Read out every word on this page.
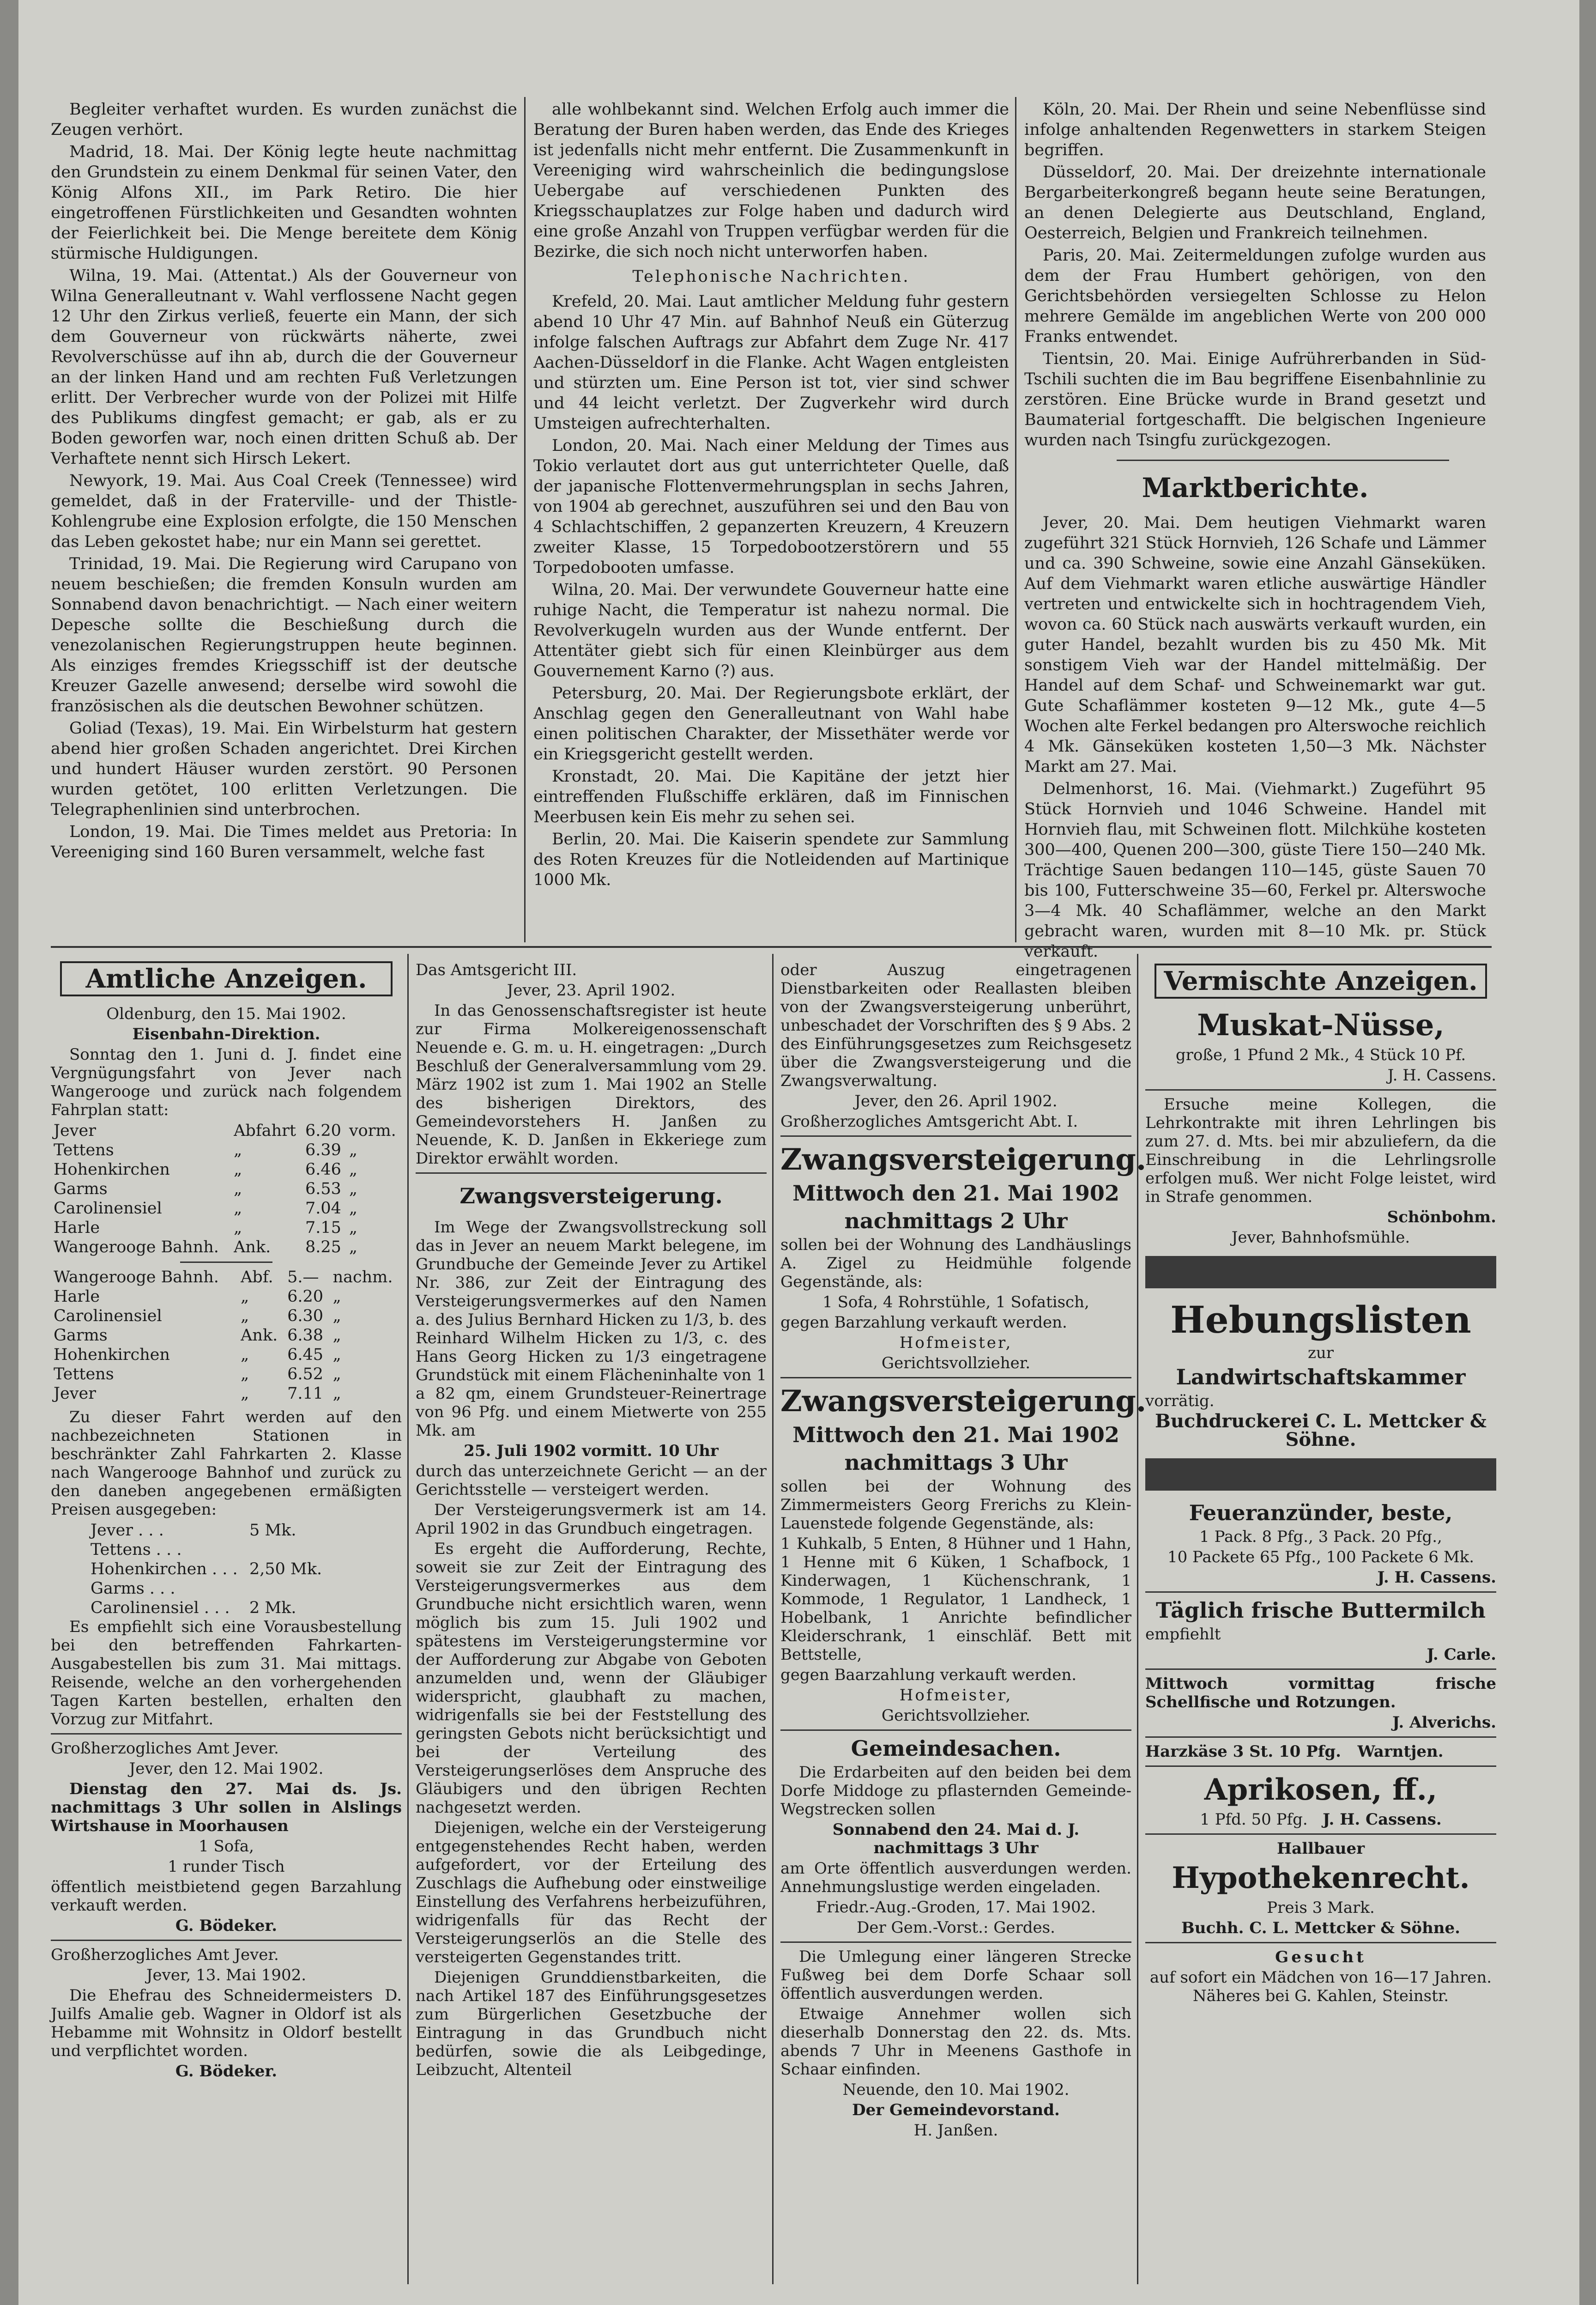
Begleiter verhaftet wurden. Es wurden zunächst die Zeugen verhört.

Madrid, 18. Mai. Der König legte heute nachmittag den Grundstein zu einem Denkmal für seinen Vater, den König Alfons XII., im Park Retiro. Die hier eingetroffenen Fürstlichkeiten und Gesandten wohnten der Feierlichkeit bei. Die Menge bereitete dem König stürmische Huldigungen.

Wilna, 19. Mai. (Attentat.) Als der Gouverneur von Wilna Generalleutnant v. Wahl verflossene Nacht gegen 12 Uhr den Zirkus verließ, feuerte ein Mann, der sich dem Gouverneur von rückwärts näherte, zwei Revolverschüsse auf ihn ab, durch die der Gouverneur an der linken Hand und am rechten Fuß Verletzungen erlitt. Der Verbrecher wurde von der Polizei mit Hilfe des Publikums dingfest gemacht; er gab, als er zu Boden geworfen war, noch einen dritten Schuß ab. Der Verhaftete nennt sich Hirsch Lekert.

Newyork, 19. Mai. Aus Coal Creek (Tennessee) wird gemeldet, daß in der Fraterville- und der Thistle-Kohlengrube eine Explosion erfolgte, die 150 Menschen das Leben gekostet habe; nur ein Mann sei gerettet.

Trinidad, 19. Mai. Die Regierung wird Carupano von neuem beschießen; die fremden Konsuln wurden am Sonnabend davon benachrichtigt. — Nach einer weitern Depesche sollte die Beschießung durch die venezolanischen Regierungstruppen heute beginnen. Als einziges fremdes Kriegsschiff ist der deutsche Kreuzer Gazelle anwesend; derselbe wird sowohl die französischen als die deutschen Bewohner schützen.

Goliad (Texas), 19. Mai. Ein Wirbelsturm hat gestern abend hier großen Schaden angerichtet. Drei Kirchen und hundert Häuser wurden zerstört. 90 Personen wurden getötet, 100 erlitten Verletzungen. Die Telegraphenlinien sind unterbrochen.

London, 19. Mai. Die Times meldet aus Pretoria: In Vereeniging sind 160 Buren versammelt, welche fast

alle wohlbekannt sind. Welchen Erfolg auch immer die Beratung der Buren haben werden, das Ende des Krieges ist jedenfalls nicht mehr entfernt. Die Zusammenkunft in Vereeniging wird wahrscheinlich die bedingungslose Uebergabe auf verschiedenen Punkten des Kriegsschauplatzes zur Folge haben und dadurch wird eine große Anzahl von Truppen verfügbar werden für die Bezirke, die sich noch nicht unterworfen haben.

Telephonische Nachrichten.

Krefeld, 20. Mai. Laut amtlicher Meldung fuhr gestern abend 10 Uhr 47 Min. auf Bahnhof Neuß ein Güterzug infolge falschen Auftrags zur Abfahrt dem Zuge Nr. 417 Aachen-Düsseldorf in die Flanke. Acht Wagen entgleisten und stürzten um. Eine Person ist tot, vier sind schwer und 44 leicht verletzt. Der Zugverkehr wird durch Umsteigen aufrechterhalten.

London, 20. Mai. Nach einer Meldung der Times aus Tokio verlautet dort aus gut unterrichteter Quelle, daß der japanische Flottenvermehrungsplan in sechs Jahren, von 1904 ab gerechnet, auszuführen sei und den Bau von 4 Schlachtschiffen, 2 gepanzerten Kreuzern, 4 Kreuzern zweiter Klasse, 15 Torpedobootzerstörern und 55 Torpedobooten umfasse.

Wilna, 20. Mai. Der verwundete Gouverneur hatte eine ruhige Nacht, die Temperatur ist nahezu normal. Die Revolverkugeln wurden aus der Wunde entfernt. Der Attentäter giebt sich für einen Kleinbürger aus dem Gouvernement Karno (?) aus.

Petersburg, 20. Mai. Der Regierungsbote erklärt, der Anschlag gegen den Generalleutnant von Wahl habe einen politischen Charakter, der Missethäter werde vor ein Kriegsgericht gestellt werden.

Kronstadt, 20. Mai. Die Kapitäne der jetzt hier eintreffenden Flußschiffe erklären, daß im Finnischen Meerbusen kein Eis mehr zu sehen sei.

Berlin, 20. Mai. Die Kaiserin spendete zur Sammlung des Roten Kreuzes für die Notleidenden auf Martinique 1000 Mk.

Köln, 20. Mai. Der Rhein und seine Nebenflüsse sind infolge anhaltenden Regenwetters in starkem Steigen begriffen.

Düsseldorf, 20. Mai. Der dreizehnte internationale Bergarbeiterkongreß begann heute seine Beratungen, an denen Delegierte aus Deutschland, England, Oesterreich, Belgien und Frankreich teilnehmen.

Paris, 20. Mai. Zeitermeldungen zufolge wurden aus dem der Frau Humbert gehörigen, von den Gerichtsbehörden versiegelten Schlosse zu Helon mehrere Gemälde im angeblichen Werte von 200 000 Franks entwendet.

Tientsin, 20. Mai. Einige Aufrührerbanden in Süd-Tschili suchten die im Bau begriffene Eisenbahnlinie zu zerstören. Eine Brücke wurde in Brand gesetzt und Baumaterial fortgeschafft. Die belgischen Ingenieure wurden nach Tsingfu zurückgezogen.

Marktberichte.

Jever, 20. Mai. Dem heutigen Viehmarkt waren zugeführt 321 Stück Hornvieh, 126 Schafe und Lämmer und ca. 390 Schweine, sowie eine Anzahl Gänseküken. Auf dem Viehmarkt waren etliche auswärtige Händler vertreten und entwickelte sich in hochtragendem Vieh, wovon ca. 60 Stück nach auswärts verkauft wurden, ein guter Handel, bezahlt wurden bis zu 450 Mk. Mit sonstigem Vieh war der Handel mittelmäßig. Der Handel auf dem Schaf- und Schweinemarkt war gut. Gute Schaflämmer kosteten 9—12 Mk., gute 4—5 Wochen alte Ferkel bedangen pro Alterswoche reichlich 4 Mk. Gänseküken kosteten 1,50—3 Mk. Nächster Markt am 27. Mai.

Delmenhorst, 16. Mai. (Viehmarkt.) Zugeführt 95 Stück Hornvieh und 1046 Schweine. Handel mit Hornvieh flau, mit Schweinen flott. Milchkühe kosteten 300—400, Quenen 200—300, güste Tiere 150—240 Mk. Trächtige Sauen bedangen 110—145, güste Sauen 70 bis 100, Futterschweine 35—60, Ferkel pr. Alterswoche 3—4 Mk. 40 Schaflämmer, welche an den Markt gebracht waren, wurden mit 8—10 Mk. pr. Stück verkauft.

Amtliche Anzeigen.

Oldenburg, den 15. Mai 1902.

Eisenbahn-Direktion.

Sonntag den 1. Juni d. J. findet eine Vergnügungsfahrt von Jever nach Wangerooge und zurück nach folgendem Fahrplan statt:

Jever	Abfahrt	6.20	vorm.
Tettens	„	6.39	„
Hohenkirchen	„	6.46	„
Garms	„	6.53	„
Carolinensiel	„	7.04	„
Harle	„	7.15	„
Wangerooge Bahnh.	Ank.	8.25	„
Wangerooge Bahnh.	Abf.	5.—	nachm.
Harle	„	6.20	„
Carolinensiel	„	6.30	„
Garms	Ank.	6.38	„
Hohenkirchen	„	6.45	„
Tettens	„	6.52	„
Jever	„	7.11	„

Zu dieser Fahrt werden auf den nachbezeichneten Stationen in beschränkter Zahl Fahrkarten 2. Klasse nach Wangerooge Bahnhof und zurück zu den daneben angegebenen ermäßigten Preisen ausgegeben:

Jever . . .	5 Mk.
Tettens . . .	
Hohenkirchen . . .	2,50 Mk.
Garms . . .	
Carolinensiel . . .	2 Mk.

Es empfiehlt sich eine Vorausbestellung bei den betreffenden Fahrkarten-Ausgabestellen bis zum 31. Mai mittags. Reisende, welche an den vorhergehenden Tagen Karten bestellen, erhalten den Vorzug zur Mitfahrt.

Großherzogliches Amt Jever.

Jever, den 12. Mai 1902.

Dienstag den 27. Mai ds. Js. nachmittags 3 Uhr sollen in Alslings Wirtshause in Moorhausen

1 Sofa,

1 runder Tisch

öffentlich meistbietend gegen Barzahlung verkauft werden.

G. Bödeker.

Großherzogliches Amt Jever.

Jever, 13. Mai 1902.

Die Ehefrau des Schneidermeisters D. Juilfs Amalie geb. Wagner in Oldorf ist als Hebamme mit Wohnsitz in Oldorf bestellt und verpflichtet worden.

G. Bödeker.

Das Amtsgericht III.

Jever, 23. April 1902.

In das Genossenschaftsregister ist heute zur Firma Molkereigenossenschaft Neuende e. G. m. u. H. eingetragen: „Durch Beschluß der Generalversammlung vom 29. März 1902 ist zum 1. Mai 1902 an Stelle des bisherigen Direktors, des Gemeindevorstehers H. Janßen zu Neuende, K. D. Janßen in Ekkeriege zum Direktor erwählt worden.

Zwangsversteigerung.

Im Wege der Zwangsvollstreckung soll das in Jever an neuem Markt belegene, im Grundbuche der Gemeinde Jever zu Artikel Nr. 386, zur Zeit der Eintragung des Versteigerungsvermerkes auf den Namen a. des Julius Bernhard Hicken zu 1/3, b. des Reinhard Wilhelm Hicken zu 1/3, c. des Hans Georg Hicken zu 1/3 eingetragene Grundstück mit einem Flächeninhalte von 1 a 82 qm, einem Grundsteuer-Reinertrage von 96 Pfg. und einem Mietwerte von 255 Mk. am

25. Juli 1902 vormitt. 10 Uhr

durch das unterzeichnete Gericht — an der Gerichtsstelle — versteigert werden.

Der Versteigerungsvermerk ist am 14. April 1902 in das Grundbuch eingetragen.

Es ergeht die Aufforderung, Rechte, soweit sie zur Zeit der Eintragung des Versteigerungsvermerkes aus dem Grundbuche nicht ersichtlich waren, wenn möglich bis zum 15. Juli 1902 und spätestens im Versteigerungstermine vor der Aufforderung zur Abgabe von Geboten anzumelden und, wenn der Gläubiger widerspricht, glaubhaft zu machen, widrigenfalls sie bei der Feststellung des geringsten Gebots nicht berücksichtigt und bei der Verteilung des Versteigerungserlöses dem Anspruche des Gläubigers und den übrigen Rechten nachgesetzt werden.

Diejenigen, welche ein der Versteigerung entgegenstehendes Recht haben, werden aufgefordert, vor der Erteilung des Zuschlags die Aufhebung oder einstweilige Einstellung des Verfahrens herbeizuführen, widrigenfalls für das Recht der Versteigerungserlös an die Stelle des versteigerten Gegenstandes tritt.

Diejenigen Grunddienstbarkeiten, die nach Artikel 187 des Einführungsgesetzes zum Bürgerlichen Gesetzbuche der Eintragung in das Grundbuch nicht bedürfen, sowie die als Leibgedinge, Leibzucht, Altenteil

oder Auszug eingetragenen Dienstbarkeiten oder Reallasten bleiben von der Zwangsversteigerung unberührt, unbeschadet der Vorschriften des § 9 Abs. 2 des Einführungsgesetzes zum Reichsgesetz über die Zwangsversteigerung und die Zwangsverwaltung.

Jever, den 26. April 1902.

Großherzogliches Amtsgericht Abt. I.

Zwangsversteigerung.

Mittwoch den 21. Mai 1902

nachmittags 2 Uhr

sollen bei der Wohnung des Landhäuslings A. Zigel zu Heidmühle folgende Gegenstände, als:

1 Sofa, 4 Rohrstühle, 1 Sofatisch,

gegen Barzahlung verkauft werden.

Hofmeister,

Gerichtsvollzieher.

Zwangsversteigerung.

Mittwoch den 21. Mai 1902

nachmittags 3 Uhr

sollen bei der Wohnung des Zimmermeisters Georg Frerichs zu Klein-Lauenstede folgende Gegenstände, als:

1 Kuhkalb, 5 Enten, 8 Hühner und 1 Hahn, 1 Henne mit 6 Küken, 1 Schafbock, 1 Kinderwagen, 1 Küchenschrank, 1 Kommode, 1 Regulator, 1 Landheck, 1 Hobelbank, 1 Anrichte befindlicher Kleiderschrank, 1 einschläf. Bett mit Bettstelle,

gegen Baarzahlung verkauft werden.

Hofmeister,

Gerichtsvollzieher.

Gemeindesachen.

Die Erdarbeiten auf den beiden bei dem Dorfe Middoge zu pflasternden Gemeinde-Wegstrecken sollen

Sonnabend den 24. Mai d. J. nachmittags 3 Uhr

am Orte öffentlich ausverdungen werden. Annehmungslustige werden eingeladen.

Friedr.-Aug.-Groden, 17. Mai 1902.

Der Gem.-Vorst.: Gerdes.

Die Umlegung einer längeren Strecke Fußweg bei dem Dorfe Schaar soll öffentlich ausverdungen werden.

Etwaige Annehmer wollen sich dieserhalb Donnerstag den 22. ds. Mts. abends 7 Uhr in Meenens Gasthofe in Schaar einfinden.

Neuende, den 10. Mai 1902.

Der Gemeindevorstand.

H. Janßen.

Vermischte Anzeigen.

Muskat-Nüsse,

große, 1 Pfund 2 Mk., 4 Stück 10 Pf.

J. H. Cassens.

Ersuche meine Kollegen, die Lehrkontrakte mit ihren Lehrlingen bis zum 27. d. Mts. bei mir abzuliefern, da die Einschreibung in die Lehrlingsrolle erfolgen muß. Wer nicht Folge leistet, wird in Strafe genommen.

Schönbohm.

Jever, Bahnhofsmühle.

Hebungslisten

zur

Landwirtschaftskammer

vorrätig.

Buchdruckerei C. L. Mettcker & Söhne.

Feueranzünder, beste,

1 Pack. 8 Pfg., 3 Pack. 20 Pfg.,

10 Packete 65 Pfg., 100 Packete 6 Mk.

J. H. Cassens.

Täglich frische Buttermilch

empfiehlt

J. Carle.

Mittwoch vormittag frische Schellfische und Rotzungen.

J. Alverichs.

Harzkäse 3 St. 10 Pfg. Warntjen.

Aprikosen, ff.,

1 Pfd. 50 Pfg. J. H. Cassens.

Hallbauer

Hypothekenrecht.

Preis 3 Mark.

Buchh. C. L. Mettcker & Söhne.

Gesucht

auf sofort ein Mädchen von 16—17 Jahren. Näheres bei G. Kahlen, Steinstr.
